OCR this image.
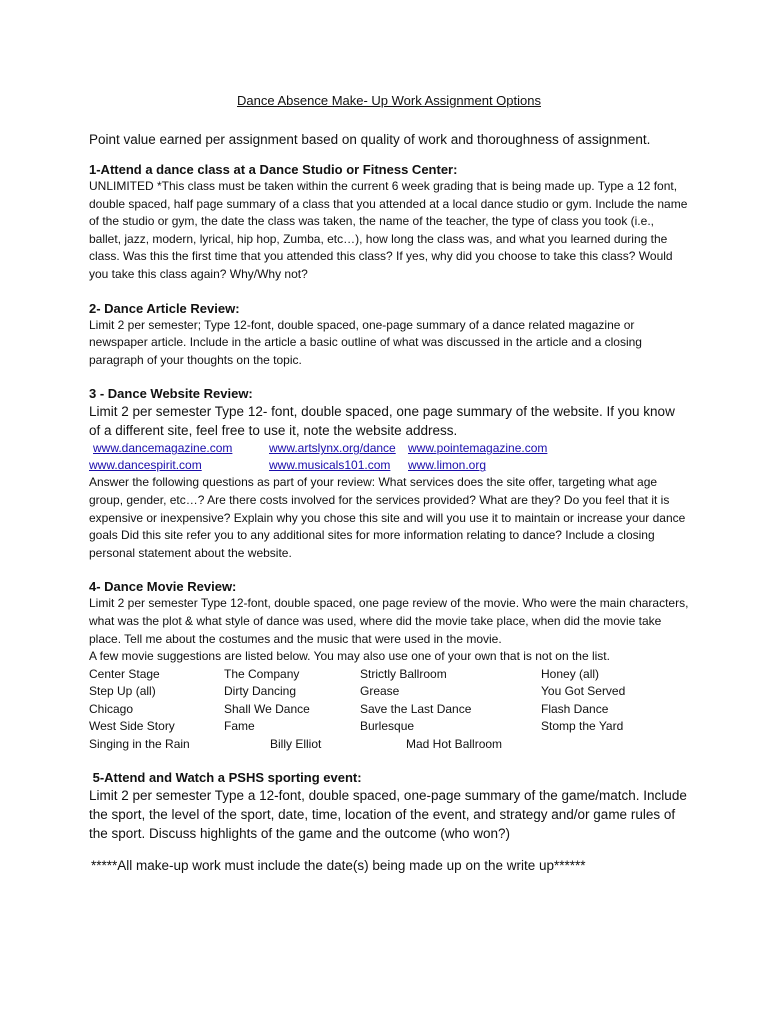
Dance Absence Make- Up Work Assignment Options

Point value earned per assignment based on quality of work and thoroughness of assignment.

1-Attend a dance class at a Dance Studio or Fitness Center:

UNLIMITED *This class must be taken within the current 6 week grading that is being made up. Type a 12 font, double spaced, half page summary of a class that you attended at a local dance studio or gym. Include the name of the studio or gym, the date the class was taken, the name of the teacher, the type of class you took (i.e., ballet, jazz, modern, lyrical, hip hop, Zumba, etc…), how long the class was, and what you learned during the class. Was this the first time that you attended this class? If yes, why did you choose to take this class? Would you take this class again? Why/Why not?

2- Dance Article Review:

Limit 2 per semester; Type 12-font, double spaced, one-page summary of a dance related magazine or newspaper article. Include in the article a basic outline of what was discussed in the article and a closing paragraph of your thoughts on the topic.

3 - Dance Website Review:

Limit 2 per semester Type 12- font, double spaced, one page summary of the website. If you know of a different site, feel free to use it, note the website address.

www.dancemagazine.com	www.artslynx.org/dance	www.pointemagazine.com
www.dancespirit.com	www.musicals101.com	www.limon.org

Answer the following questions as part of your review: What services does the site offer, targeting what age group, gender, etc…? Are there costs involved for the services provided? What are they? Do you feel that it is expensive or inexpensive? Explain why you chose this site and will you use it to maintain or increase your dance goals Did this site refer you to any additional sites for more information relating to dance? Include a closing personal statement about the website.

4- Dance Movie Review:

Limit 2 per semester Type 12-font, double spaced, one page review of the movie. Who were the main characters, what was the plot & what style of dance was used, where did the movie take place, when did the movie take place. Tell me about the costumes and the music that were used in the movie.

A few movie suggestions are listed below. You may also use one of your own that is not on the list.

Center Stage	The Company	Strictly Ballroom	Honey (all)
Step Up (all)	Dirty Dancing	Grease	You Got Served
Chicago	Shall We Dance	Save the Last Dance	Flash Dance
West Side Story	Fame	Burlesque	Stomp the Yard
Singing in the Rain	Billy Elliot	Mad Hot Ballroom

5-Attend and Watch a PSHS sporting event:

Limit 2 per semester Type a 12-font, double spaced, one-page summary of the game/match. Include the sport, the level of the sport, date, time, location of the event, and strategy and/or game rules of the sport. Discuss highlights of the game and the outcome (who won?)

*****All make-up work must include the date(s) being made up on the write up******
